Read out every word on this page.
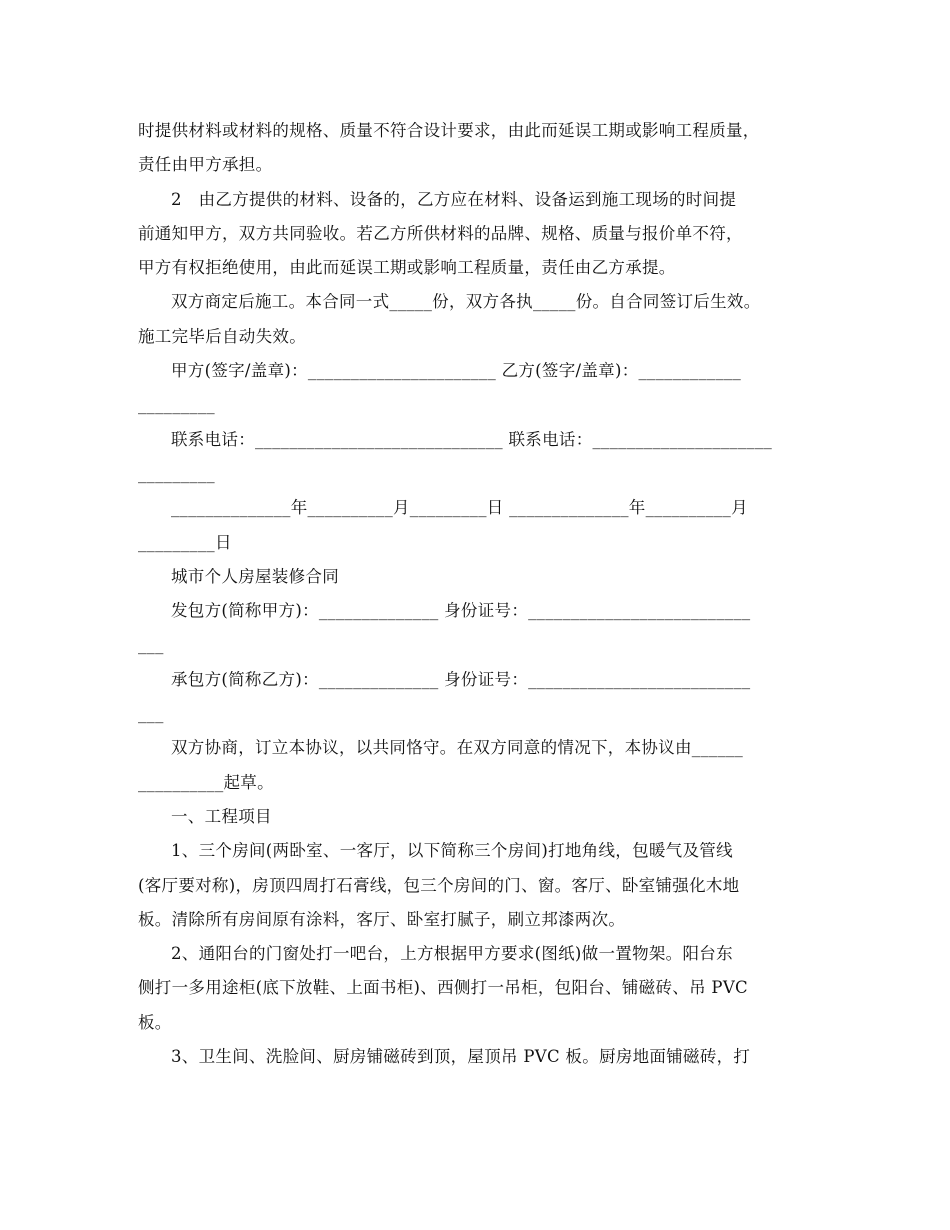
时提供材料或材料的规格、质量不符合设计要求，由此而延误工期或影响工程质量，
责任由甲方承担。

2　由乙方提供的材料、设备的，乙方应在材料、设备运到施工现场的时间提
前通知甲方，双方共同验收。若乙方所供材料的品牌、规格、质量与报价单不符，
甲方有权拒绝使用，由此而延误工期或影响工程质量，责任由乙方承提。

双方商定后施工。本合同一式_____份，双方各执_____份。自合同签订后生效。
施工完毕后自动失效。

甲方(签字/盖章)：______________________ 乙方(签字/盖章)：____________
_________

联系电话：_____________________________ 联系电话：_____________________
_________

______________年__________月_________日 ______________年__________月
_________日

城市个人房屋装修合同

发包方(简称甲方)：______________ 身份证号：__________________________
___

承包方(简称乙方)：______________ 身份证号：__________________________
___

双方协商，订立本协议，以共同恪守。在双方同意的情况下，本协议由______
__________起草。

一、工程项目

1、三个房间(两卧室、一客厅，以下简称三个房间)打地角线，包暖气及管线
(客厅要对称)，房顶四周打石膏线，包三个房间的门、窗。客厅、卧室铺强化木地
板。清除所有房间原有涂料，客厅、卧室打腻子，刷立邦漆两次。

2、通阳台的门窗处打一吧台，上方根据甲方要求(图纸)做一置物架。阳台东
侧打一多用途柜(底下放鞋、上面书柜)、西侧打一吊柜，包阳台、铺磁砖、吊 PVC
板。

3、卫生间、洗脸间、厨房铺磁砖到顶，屋顶吊 PVC 板。厨房地面铺磁砖，打
